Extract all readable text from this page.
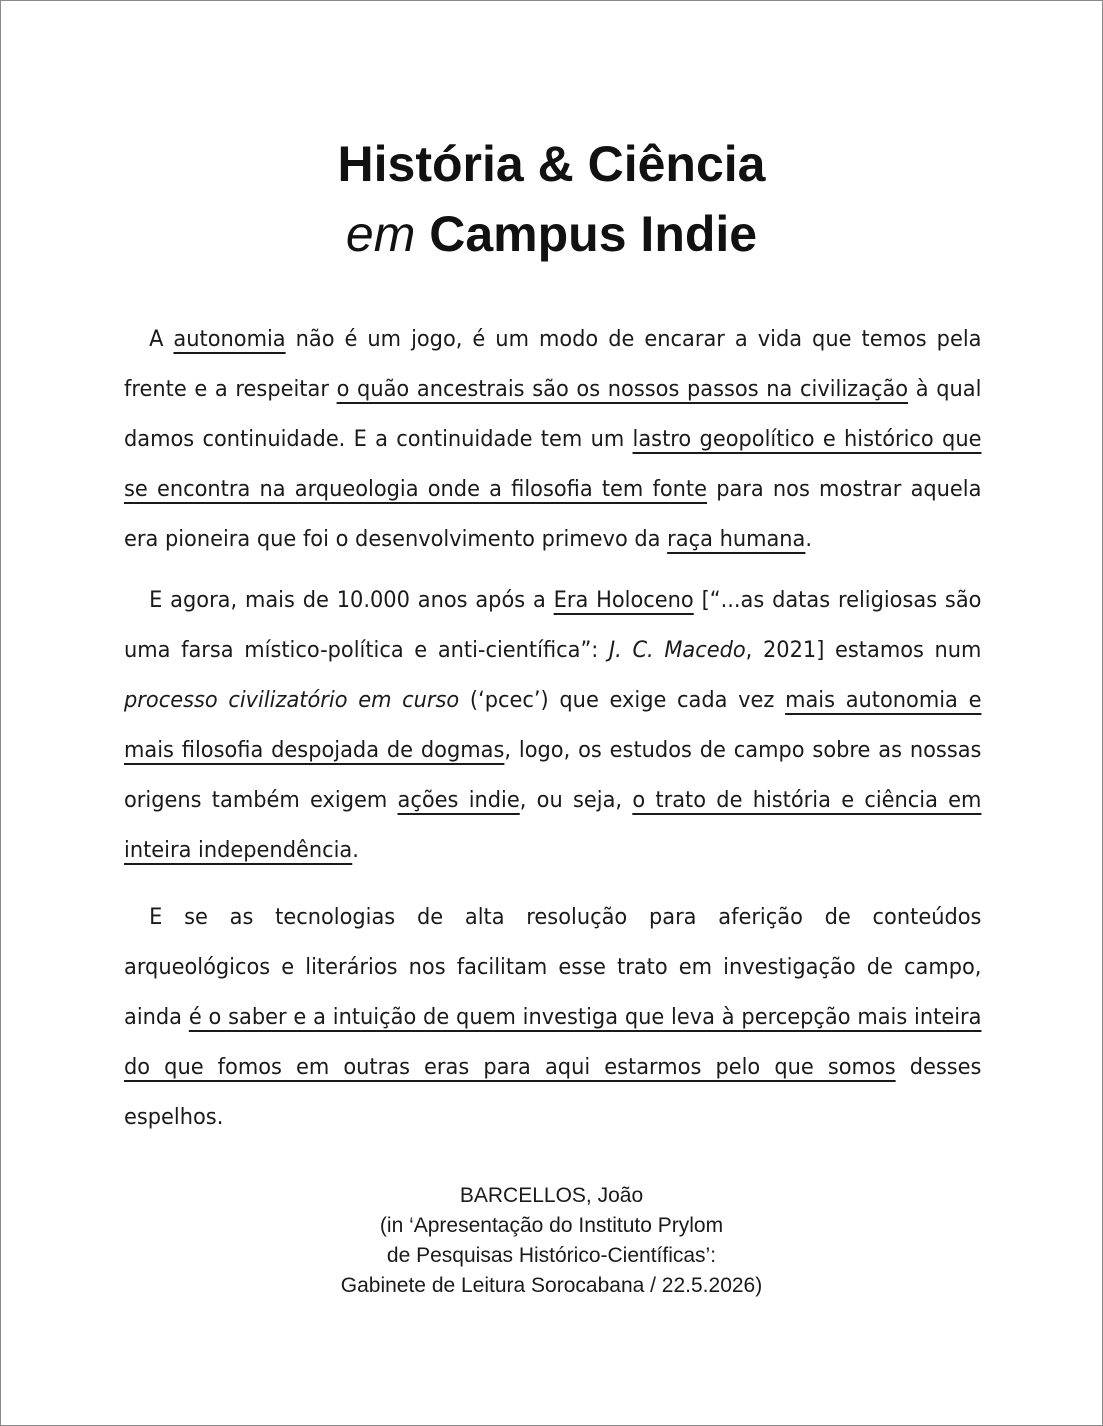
História & Ciência
em Campus Indie

A autonomia não é um jogo, é um modo de encarar a vida que temos pela frente e a respeitar o quão ancestrais são os nossos passos na civilização à qual damos continuidade. E a continuidade tem um lastro geopolítico e histórico que se encontra na arqueologia onde a filosofia tem fonte para nos mostrar aquela era pioneira que foi o desenvolvimento primevo da raça humana.

E agora, mais de 10.000 anos após a Era Holoceno [“...as datas religiosas são uma farsa místico-política e anti-científica”: J. C. Macedo, 2021] estamos num processo civilizatório em curso (‘pcec’) que exige cada vez mais autonomia e mais filosofia despojada de dogmas, logo, os estudos de campo sobre as nossas origens também exigem ações indie, ou seja, o trato de história e ciência em inteira independência.

E se as tecnologias de alta resolução para aferição de conteúdos arqueológicos e literários nos facilitam esse trato em investigação de campo, ainda é o saber e a intuição de quem investiga que leva à percepção mais inteira do que fomos em outras eras para aqui estarmos pelo que somos desses espelhos.

BARCELLOS, João
(in ‘Apresentação do Instituto Prylom
de Pesquisas Histórico-Científicas’:
Gabinete de Leitura Sorocabana / 22.5.2026)
